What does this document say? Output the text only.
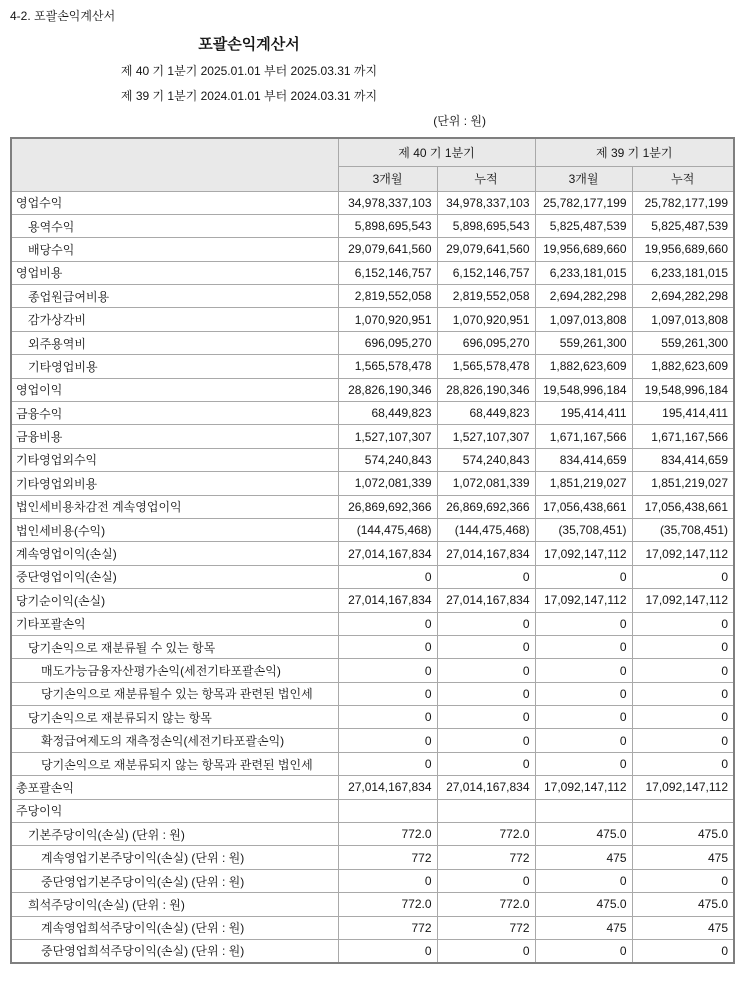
4-2. 포괄손익계산서
포괄손익계산서
제 40 기 1분기 2025.01.01 부터 2025.03.31 까지
제 39 기 1분기 2024.01.01 부터 2024.03.31 까지
(단위 : 원)
	제 40 기 1분기		제 39 기 1분기	
	3개월	누적	3개월	누적
영업수익	34,978,337,103	34,978,337,103	25,782,177,199	25,782,177,199
용역수익	5,898,695,543	5,898,695,543	5,825,487,539	5,825,487,539
배당수익	29,079,641,560	29,079,641,560	19,956,689,660	19,956,689,660
영업비용	6,152,146,757	6,152,146,757	6,233,181,015	6,233,181,015
종업원급여비용	2,819,552,058	2,819,552,058	2,694,282,298	2,694,282,298
감가상각비	1,070,920,951	1,070,920,951	1,097,013,808	1,097,013,808
외주용역비	696,095,270	696,095,270	559,261,300	559,261,300
기타영업비용	1,565,578,478	1,565,578,478	1,882,623,609	1,882,623,609
영업이익	28,826,190,346	28,826,190,346	19,548,996,184	19,548,996,184
금융수익	68,449,823	68,449,823	195,414,411	195,414,411
금융비용	1,527,107,307	1,527,107,307	1,671,167,566	1,671,167,566
기타영업외수익	574,240,843	574,240,843	834,414,659	834,414,659
기타영업외비용	1,072,081,339	1,072,081,339	1,851,219,027	1,851,219,027
법인세비용차감전 계속영업이익	26,869,692,366	26,869,692,366	17,056,438,661	17,056,438,661
법인세비용(수익)	(144,475,468)	(144,475,468)	(35,708,451)	(35,708,451)
계속영업이익(손실)	27,014,167,834	27,014,167,834	17,092,147,112	17,092,147,112
중단영업이익(손실)	0	0	0	0
당기순이익(손실)	27,014,167,834	27,014,167,834	17,092,147,112	17,092,147,112
기타포괄손익	0	0	0	0
당기손익으로 재분류될 수 있는 항목	0	0	0	0
매도가능금융자산평가손익(세전기타포괄손익)	0	0	0	0
당기손익으로 재분류될수 있는 항목과 관련된 법인세	0	0	0	0
당기손익으로 재분류되지 않는 항목	0	0	0	0
확정급여제도의 재측정손익(세전기타포괄손익)	0	0	0	0
당기손익으로 재분류되지 않는 항목과 관련된 법인세	0	0	0	0
총포괄손익	27,014,167,834	27,014,167,834	17,092,147,112	17,092,147,112
주당이익				
기본주당이익(손실) (단위 : 원)	772.0	772.0	475.0	475.0
계속영업기본주당이익(손실) (단위 : 원)	772	772	475	475
중단영업기본주당이익(손실) (단위 : 원)	0	0	0	0
희석주당이익(손실) (단위 : 원)	772.0	772.0	475.0	475.0
계속영업희석주당이익(손실) (단위 : 원)	772	772	475	475
중단영업희석주당이익(손실) (단위 : 원)	0	0	0	0
